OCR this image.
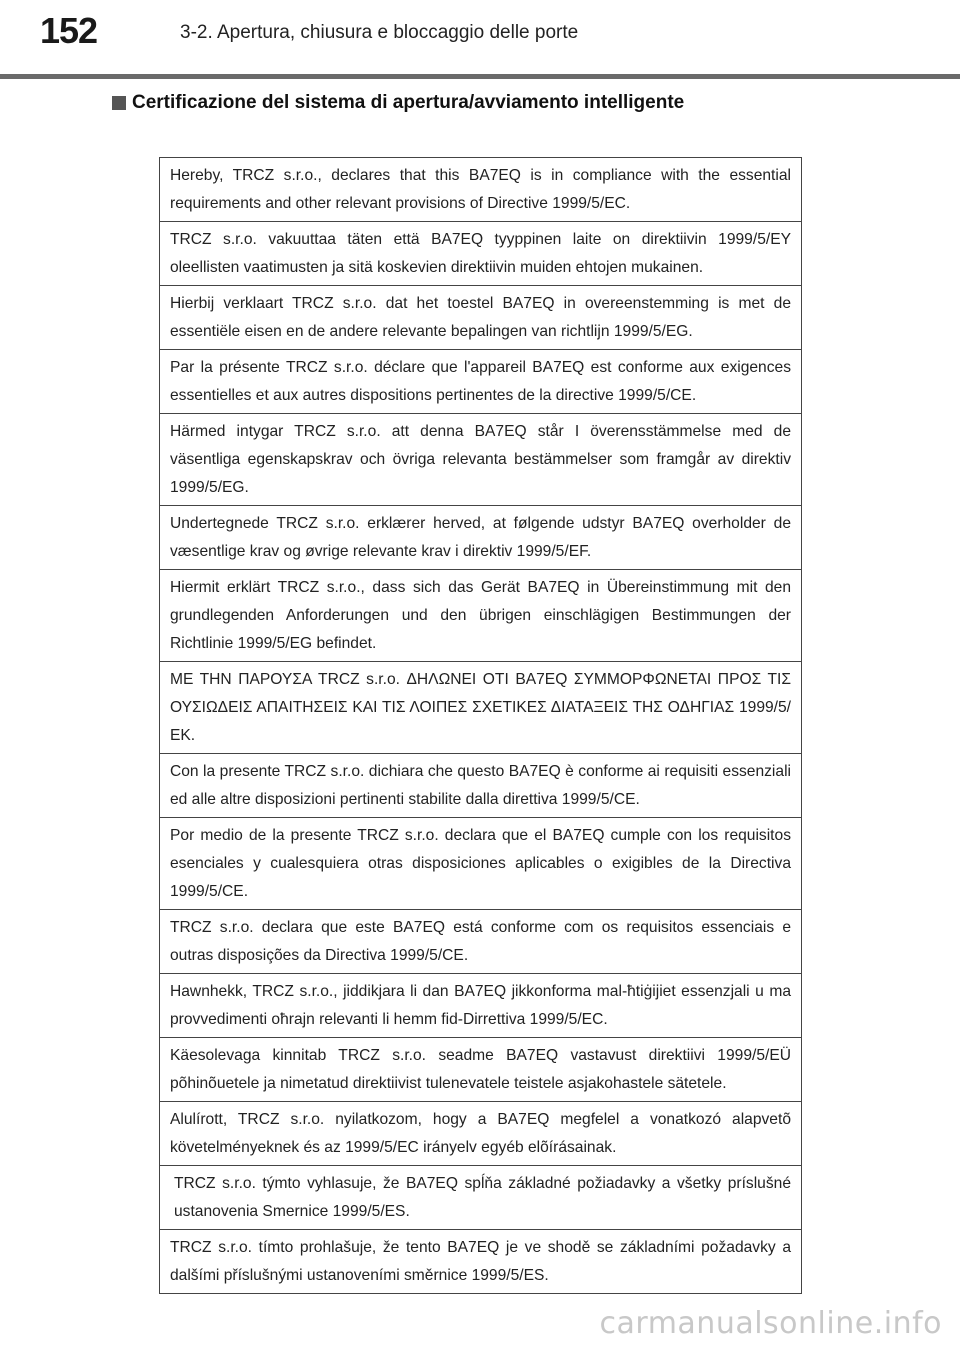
152	3-2. Apertura, chiusura e bloccaggio delle porte
Certificazione del sistema di apertura/avviamento intelligente
Hereby, TRCZ s.r.o., declares that this BA7EQ is in compliance with the essential requirements and other relevant provisions of Directive 1999/5/EC.
TRCZ s.r.o. vakuuttaa täten että BA7EQ tyyppinen laite on direktiivin 1999/5/EY oleellisten vaatimusten ja sitä koskevien direktiivin muiden ehtojen mukainen.
Hierbij verklaart TRCZ s.r.o. dat het toestel BA7EQ in overeenstemming is met de essentiële eisen en de andere relevante bepalingen van richtlijn 1999/5/EG.
Par la présente TRCZ s.r.o. déclare que l'appareil BA7EQ est conforme aux exigences essentielles et aux autres dispositions pertinentes de la directive 1999/5/CE.
Härmed intygar TRCZ s.r.o. att denna BA7EQ står I överensstämmelse med de väsentliga egenskapskrav och övriga relevanta bestämmelser som framgår av direktiv 1999/5/EG.
Undertegnede TRCZ s.r.o. erklærer herved, at følgende udstyr BA7EQ overholder de væsentlige krav og øvrige relevante krav i direktiv 1999/5/EF.
Hiermit erklärt TRCZ s.r.o., dass sich das Gerät BA7EQ in Übereinstimmung mit den grundlegenden Anforderungen und den übrigen einschlägigen Bestimmungen der Richtlinie 1999/5/EG befindet.
ΜΕ ΤΗΝ ΠΑΡΟΥΣΑ TRCZ s.r.o. ΔΗΛΩΝΕΙ ΟΤΙ BA7EQ ΣΥΜΜΟΡΦΩΝΕΤΑΙ ΠΡΟΣ ΤΙΣ ΟΥΣΙΩΔΕΙΣ ΑΠΑΙΤΗΣΕΙΣ ΚΑΙ ΤΙΣ ΛΟΙΠΕΣ ΣΧΕΤΙΚΕΣ ΔΙΑΤΑΞΕΙΣ ΤΗΣ ΟΔΗΓΙΑΣ 1999/5/ΕΚ.
Con la presente TRCZ s.r.o. dichiara che questo BA7EQ è conforme ai requisiti essenziali ed alle altre disposizioni pertinenti stabilite dalla direttiva 1999/5/CE.
Por medio de la presente TRCZ s.r.o. declara que el BA7EQ cumple con los requisitos esenciales y cualesquiera otras disposiciones aplicables o exigibles de la Directiva 1999/5/CE.
TRCZ s.r.o. declara que este BA7EQ está conforme com os requisitos essenciais e outras disposições da Directiva 1999/5/CE.
Hawnhekk, TRCZ s.r.o., jiddikjara li dan BA7EQ jikkonforma mal-ħtiġijiet essenzjali u ma provvedimenti oħrajn relevanti li hemm fid-Dirrettiva 1999/5/EC.
Käesolevaga kinnitab TRCZ s.r.o. seadme BA7EQ vastavust direktiivi 1999/5/EÜ põhinõuetele ja nimetatud direktiivist tulenevatele teistele asjakohastele sätetele.
Alulírott, TRCZ s.r.o. nyilatkozom, hogy a BA7EQ megfelel a vonatkozó alapvetõ követelményeknek és az 1999/5/EC irányelv egyéb elõírásainak.
TRCZ s.r.o. týmto vyhlasuje, že BA7EQ spĺňa základné požiadavky a všetky príslušné ustanovenia Smernice 1999/5/ES.
TRCZ s.r.o. tímto prohlašuje, že tento BA7EQ je ve shodě se základními požadavky a dalšími příslušnými ustanoveními směrnice 1999/5/ES.
carmanualsonline.info
